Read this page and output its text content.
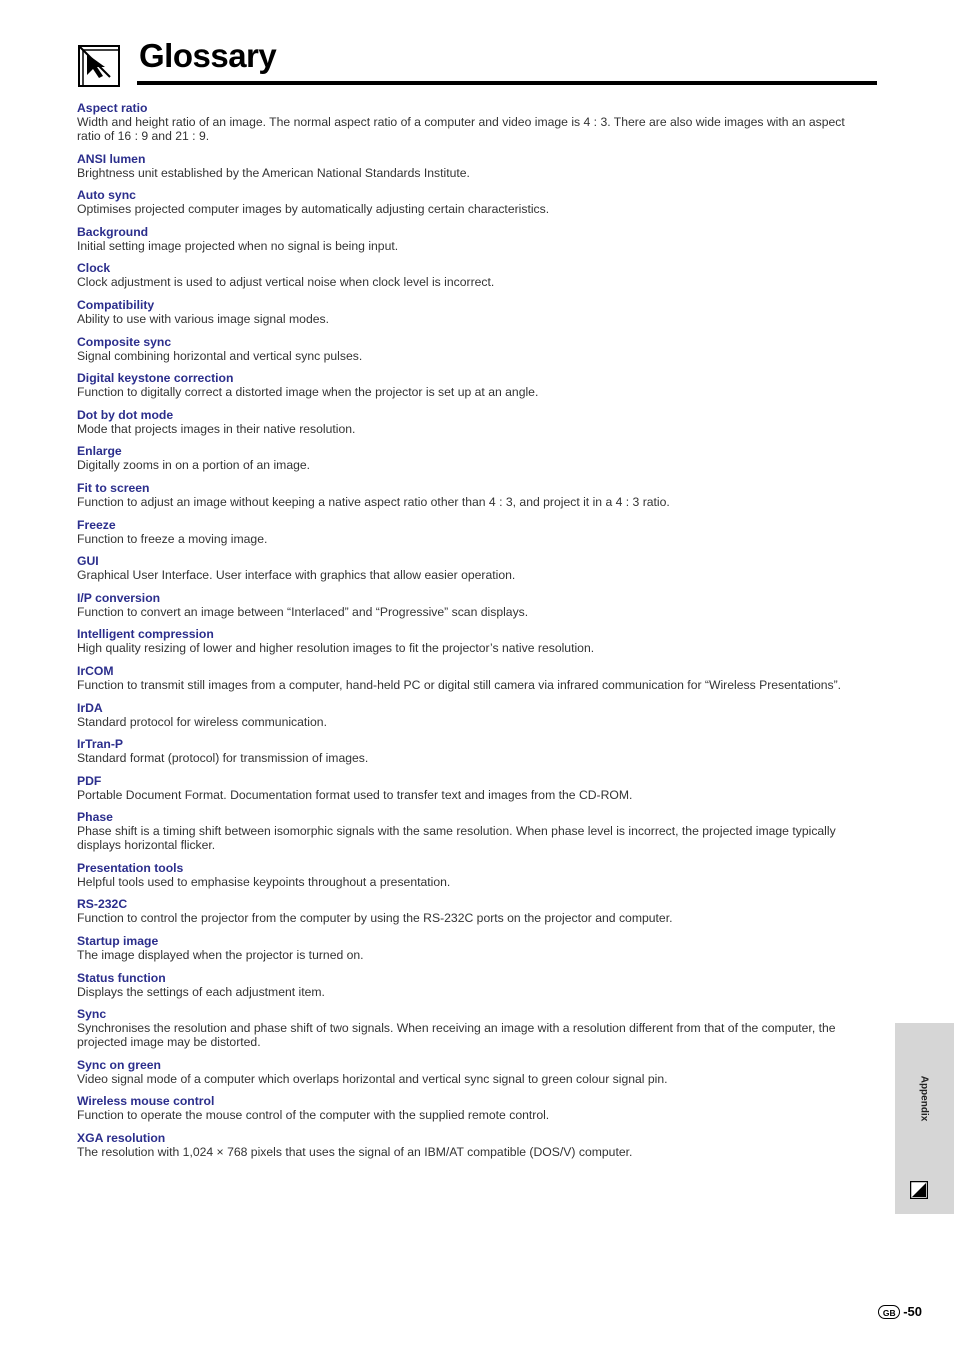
Glossary
Aspect ratio
Width and height ratio of an image. The normal aspect ratio of a computer and video image is 4 : 3. There are also wide images with an aspect ratio of 16 : 9 and 21 : 9.
ANSI lumen
Brightness unit established by the American National Standards Institute.
Auto sync
Optimises projected computer images by automatically adjusting certain characteristics.
Background
Initial setting image projected when no signal is being input.
Clock
Clock adjustment is used to adjust vertical noise when clock level is incorrect.
Compatibility
Ability to use with various image signal modes.
Composite sync
Signal combining horizontal and vertical sync pulses.
Digital keystone correction
Function to digitally correct a distorted image when the projector is set up at an angle.
Dot by dot mode
Mode that projects images in their native resolution.
Enlarge
Digitally zooms in on a portion of an image.
Fit to screen
Function to adjust an image without keeping a native aspect ratio other than 4 : 3, and project it in a 4 : 3 ratio.
Freeze
Function to freeze a moving image.
GUI
Graphical User Interface. User interface with graphics that allow easier operation.
I/P conversion
Function to convert an image between “Interlaced” and “Progressive” scan displays.
Intelligent compression
High quality resizing of lower and higher resolution images to fit the projector’s native resolution.
IrCOM
Function to transmit still images from a computer, hand-held PC or digital still camera via infrared communication for “Wireless Presentations”.
IrDA
Standard protocol for wireless communication.
IrTran-P
Standard format (protocol) for transmission of images.
PDF
Portable Document Format. Documentation format used to transfer text and images from the CD-ROM.
Phase
Phase shift is a timing shift between isomorphic signals with the same resolution. When phase level is incorrect, the projected image typically displays horizontal flicker.
Presentation tools
Helpful tools used to emphasise keypoints throughout a presentation.
RS-232C
Function to control the projector from the computer by using the RS-232C ports on the projector and computer.
Startup image
The image displayed when the projector is turned on.
Status function
Displays the settings of each adjustment item.
Sync
Synchronises the resolution and phase shift of two signals. When receiving an image with a resolution different from that of the computer, the projected image may be distorted.
Sync on green
Video signal mode of a computer which overlaps horizontal and vertical sync signal to green colour signal pin.
Wireless mouse control
Function to operate the mouse control of the computer with the supplied remote control.
XGA resolution
The resolution with 1,024 × 768 pixels that uses the signal of an IBM/AT compatible (DOS/V) computer.
Appendix
GB -50
